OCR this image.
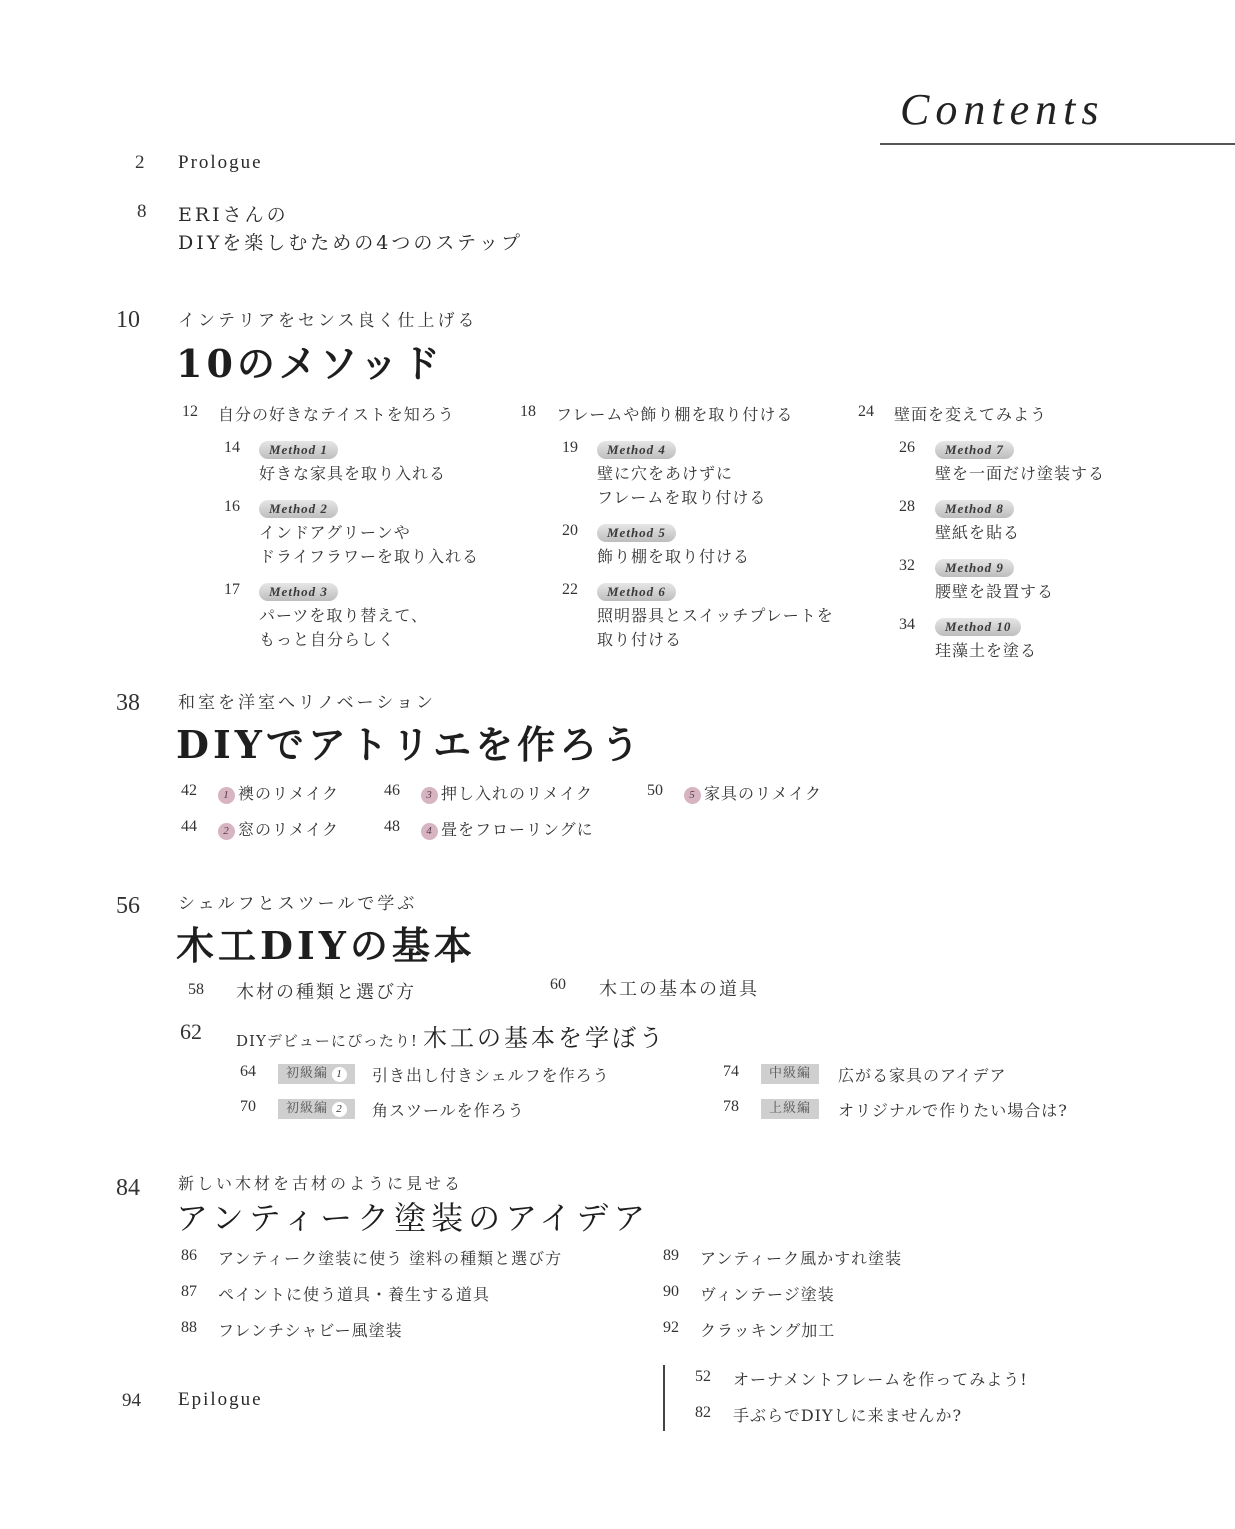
Contents
2 Prologue
8 ERIさんの
DIYを楽しむための4つのステップ
10 インテリアをセンス良く仕上げる
10のメソッド
12 自分の好きなテイストを知ろう
14	Method 1
好きな家具を取り入れる
16	Method 2
インドアグリーンや
ドライフラワーを取り入れる
17	Method 3
パーツを取り替えて、
もっと自分らしく
18 フレームや飾り棚を取り付ける
19	Method 4
壁に穴をあけずに
フレームを取り付ける
20	Method 5
飾り棚を取り付ける
22	Method 6
照明器具とスイッチプレートを
取り付ける
24 壁面を変えてみよう
26	Method 7
壁を一面だけ塗装する
28	Method 8
壁紙を貼る
32	Method 9
腰壁を設置する
34	Method 10
珪藻土を塗る
38 和室を洋室へリノベーション
DIYでアトリエを作ろう
42	1 襖のリメイク
44	2 窓のリメイク
46	3 押し入れのリメイク
48	4 畳をフローリングに
50	5 家具のリメイク
56 シェルフとスツールで学ぶ
木工DIYの基本
58 木材の種類と選び方	60 木工の基本の道具
62 DIYデビューにぴったり! 木工の基本を学ぼう
64	初級編 1	引き出し付きシェルフを作ろう
70	初級編 2	角スツールを作ろう
74	中級編	広がる家具のアイデア
78	上級編	オリジナルで作りたい場合は?
84 新しい木材を古材のように見せる
アンティーク塗装のアイデア
86 アンティーク塗装に使う 塗料の種類と選び方
87 ペイントに使う道具・養生する道具
88 フレンチシャビー風塗装
89 アンティーク風かすれ塗装
90 ヴィンテージ塗装
92 クラッキング加工
52 オーナメントフレームを作ってみよう!
82 手ぶらでDIYしに来ませんか?
94 Epilogue
